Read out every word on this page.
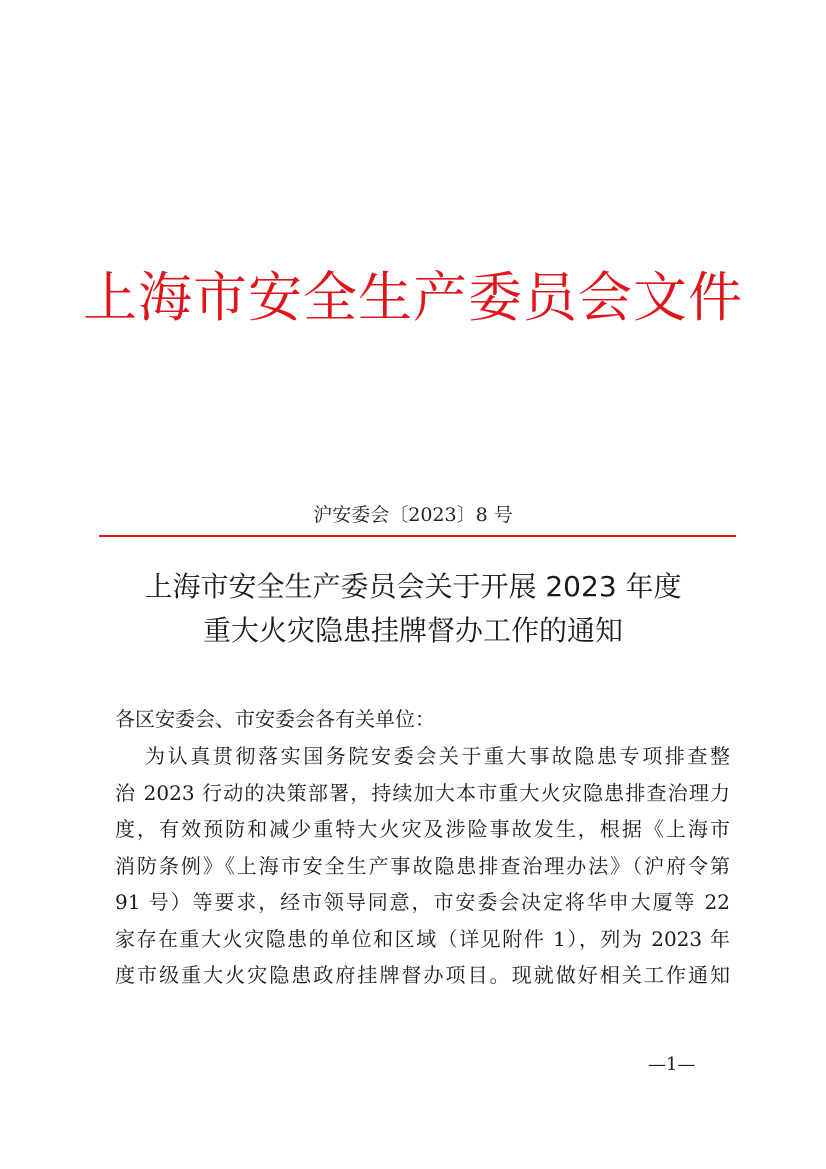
上海市安全生产委员会文件
沪安委会〔2023〕8 号
上海市安全生产委员会关于开展 2023 年度
重大火灾隐患挂牌督办工作的通知
各区安委会、市安委会各有关单位：
为认真贯彻落实国务院安委会关于重大事故隐患专项排查整
治 2023 行动的决策部署，持续加大本市重大火灾隐患排查治理力
度，有效预防和减少重特大火灾及涉险事故发生，根据《上海市
消防条例》《上海市安全生产事故隐患排查治理办法》（沪府令第
91 号）等要求，经市领导同意，市安委会决定将华申大厦等 22
家存在重大火灾隐患的单位和区域（详见附件 1），列为 2023 年
度市级重大火灾隐患政府挂牌督办项目。现就做好相关工作通知
—1—
